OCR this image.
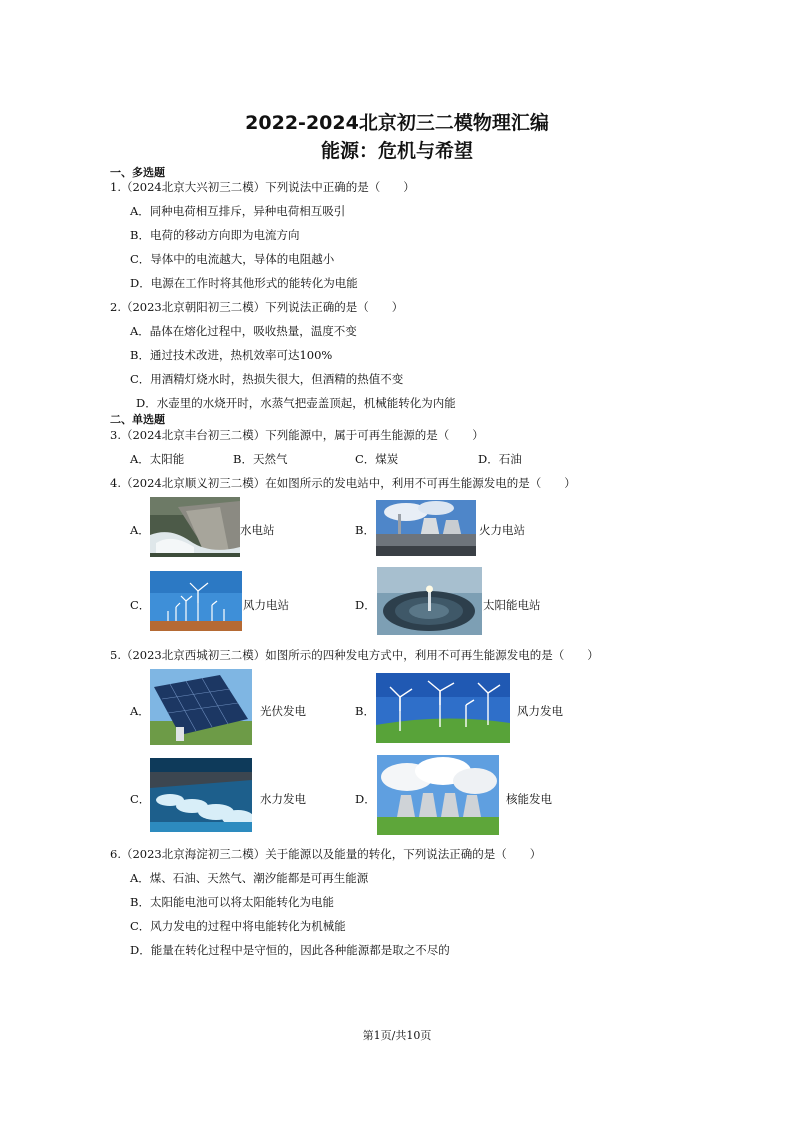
2022-2024北京初三二模物理汇编
能源：危机与希望
一、多选题
1.（2024北京大兴初三二模）下列说法中正确的是（　　）
A．同种电荷相互排斥，异种电荷相互吸引
B．电荷的移动方向即为电流方向
C．导体中的电流越大，导体的电阻越小
D．电源在工作时将其他形式的能转化为电能
2.（2023北京朝阳初三二模）下列说法正确的是（　　）
A．晶体在熔化过程中，吸收热量，温度不变
B．通过技术改进，热机效率可达100%
C．用酒精灯烧水时，热损失很大，但酒精的热值不变
D．水壶里的水烧开时，水蒸气把壶盖顶起，机械能转化为内能
二、单选题
3.（2024北京丰台初三二模）下列能源中，属于可再生能源的是（　　）
A．太阳能	B．天然气	C．煤炭	D．石油
4.（2024北京顺义初三二模）在如图所示的发电站中，利用不可再生能源发电的是（　　）
A．	水电站	B．	火力电站
C．	风力电站	D．	太阳能电站
5.（2023北京西城初三二模）如图所示的四种发电方式中，利用不可再生能源发电的是（　　）
A．	光伏发电	B．	风力发电
C．	水力发电	D．	核能发电
6.（2023北京海淀初三二模）关于能源以及能量的转化，下列说法正确的是（　　）
A．煤、石油、天然气、潮汐能都是可再生能源
B．太阳能电池可以将太阳能转化为电能
C．风力发电的过程中将电能转化为机械能
D．能量在转化过程中是守恒的，因此各种能源都是取之不尽的
第1页/共10页
